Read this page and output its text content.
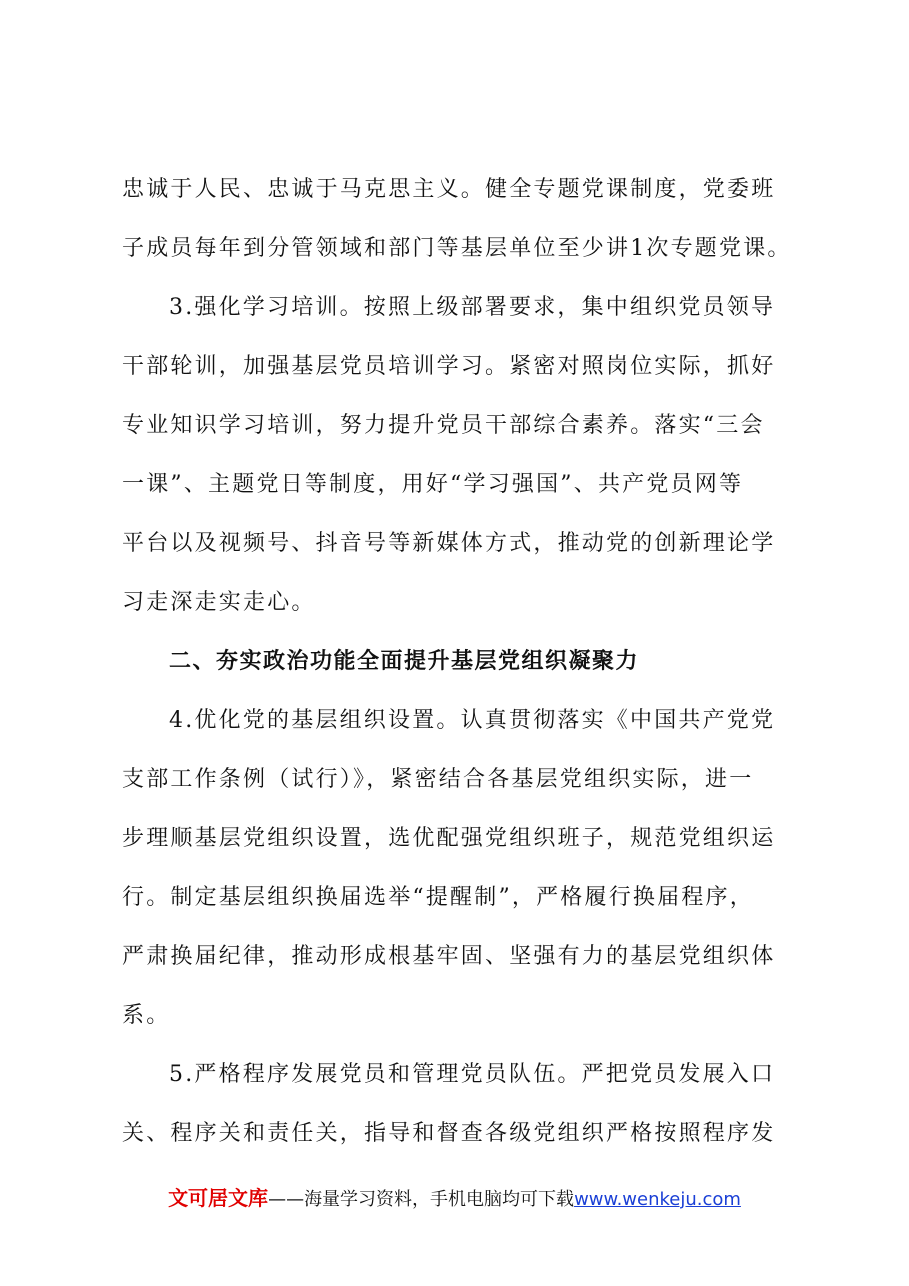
忠诚于人民、忠诚于马克思主义。健全专题党课制度，党委班
子成员每年到分管领域和部门等基层单位至少讲1次专题党课。
3.强化学习培训。按照上级部署要求，集中组织党员领导
干部轮训，加强基层党员培训学习。紧密对照岗位实际，抓好
专业知识学习培训，努力提升党员干部综合素养。落实“三会
一课”、主题党日等制度，用好“学习强国”、共产党员网等
平台以及视频号、抖音号等新媒体方式，推动党的创新理论学
习走深走实走心。
二、夯实政治功能全面提升基层党组织凝聚力
4.优化党的基层组织设置。认真贯彻落实《中国共产党党
支部工作条例（试行）》，紧密结合各基层党组织实际，进一
步理顺基层党组织设置，选优配强党组织班子，规范党组织运
行。制定基层组织换届选举“提醒制”，严格履行换届程序，
严肃换届纪律，推动形成根基牢固、坚强有力的基层党组织体
系。
5.严格程序发展党员和管理党员队伍。严把党员发展入口
关、程序关和责任关，指导和督查各级党组织严格按照程序发
文可居文库——海量学习资料，手机电脑均可下载www.wenkeju.com
